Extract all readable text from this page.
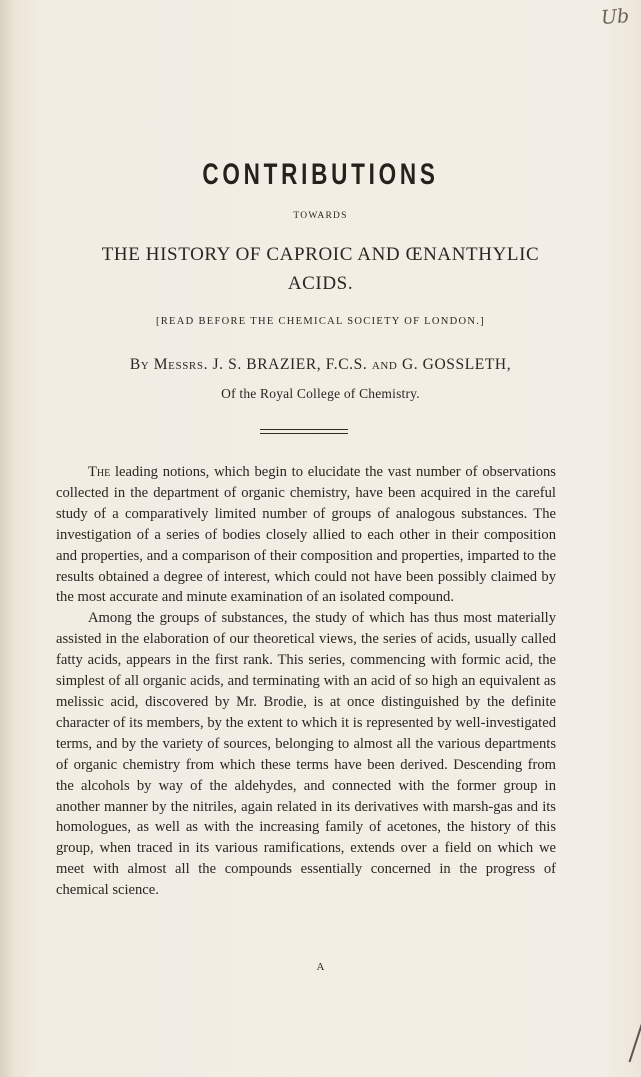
Ub
CONTRIBUTIONS
TOWARDS
THE HISTORY OF CAPROIC AND ŒNANTHYLIC
ACIDS.
[READ BEFORE THE CHEMICAL SOCIETY OF LONDON.]
By Messrs. J. S. BRAZIER, F.C.S. and G. GOSSLETH,
Of the Royal College of Chemistry.

The leading notions, which begin to elucidate the vast number of observations collected in the department of organic chemistry, have been acquired in the careful study of a comparatively limited number of groups of analogous substances. The investigation of a series of bodies closely allied to each other in their composition and properties, and a comparison of their composition and properties, imparted to the results obtained a degree of interest, which could not have been possibly claimed by the most accurate and minute examination of an isolated compound.

Among the groups of substances, the study of which has thus most materially assisted in the elaboration of our theoretical views, the series of acids, usually called fatty acids, appears in the first rank. This series, commencing with formic acid, the simplest of all organic acids, and terminating with an acid of so high an equivalent as melissic acid, discovered by Mr. Brodie, is at once distinguished by the definite character of its members, by the extent to which it is represented by well-investigated terms, and by the variety of sources, belonging to almost all the various departments of organic chemistry from which these terms have been derived. Descending from the alcohols by way of the aldehydes, and connected with the former group in another manner by the nitriles, again related in its derivatives with marsh-gas and its homologues, as well as with the increasing family of acetones, the history of this group, when traced in its various ramifications, extends over a field on which we meet with almost all the compounds essentially concerned in the progress of chemical science.

A
